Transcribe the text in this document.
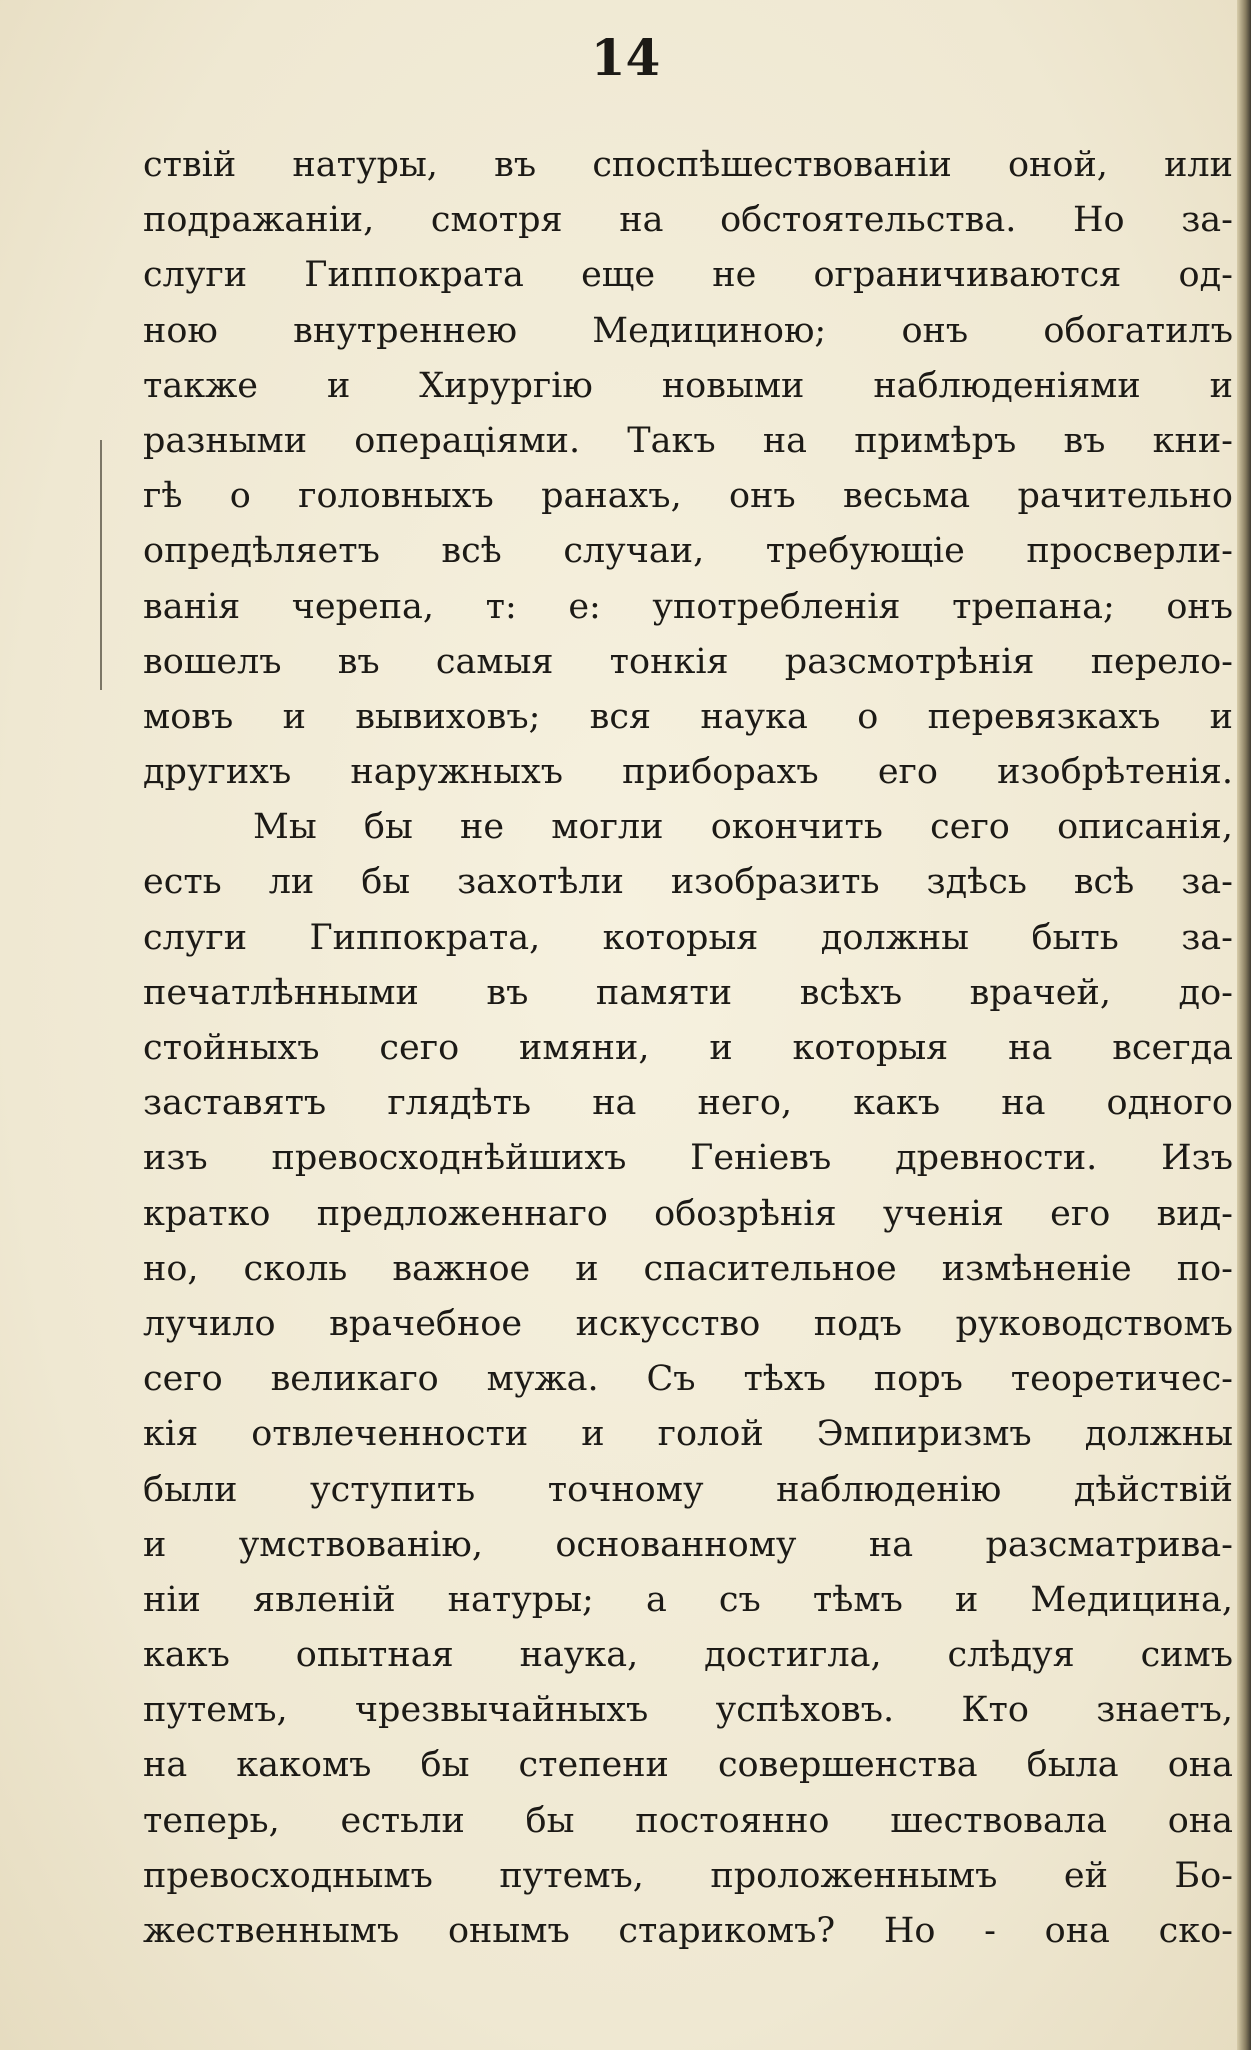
14
ствій натуры, въ споспѣшествованіи оной, или
подражаніи, смотря на обстоятельства. Но за-
слуги Гиппократа еще не ограничиваются од-
ною внутреннею Медициною; онъ обогатилъ
также и Хирургію новыми наблюденіями и
разными операціями. Такъ на примѣръ въ кни-
гѣ о головныхъ ранахъ, онъ весьма рачительно
опредѣляетъ всѣ случаи, требующіе просверли-
ванія черепа, т: е: употребленія трепана; онъ
вошелъ въ самыя тонкія разсмотрѣнія перело-
мовъ и вывиховъ; вся наука о перевязкахъ и
другихъ наружныхъ приборахъ его изобрѣтенія.
Мы бы не могли окончить сего описанія,
есть ли бы захотѣли изобразить здѣсь всѣ за-
слуги Гиппократа, которыя должны быть за-
печатлѣнными въ памяти всѣхъ врачей, до-
стойныхъ сего имяни, и которыя на всегда
заставятъ глядѣть на него, какъ на одного
изъ превосходнѣйшихъ Геніевъ древности. Изъ
кратко предложеннаго обозрѣнія ученія его вид-
но, сколь важное и спасительное измѣненіе по-
лучило врачебное искусство подъ руководствомъ
сего великаго мужа. Съ тѣхъ поръ теоретичес-
кія отвлеченности и голой Эмпиризмъ должны
были уступить точному наблюденію дѣйствій
и умствованію, основанному на разсматрива-
ніи явленій натуры; а съ тѣмъ и Медицина,
какъ опытная наука, достигла, слѣдуя симъ
путемъ, чрезвычайныхъ успѣховъ. Кто знаетъ,
на какомъ бы степени совершенства была она
теперь, естьли бы постоянно шествовала она
превосходнымъ путемъ, проложеннымъ ей Бо-
жественнымъ онымъ старикомъ? Но - она ско-
